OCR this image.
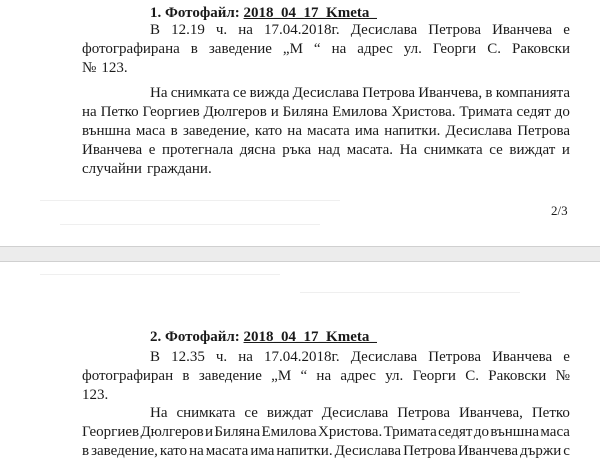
1. Фотофайл: 2018_04_17_Kmeta_
В 12.19 ч. на 17.04.2018г. Десислава Петрова Иванчева е
фотографирана в заведение „М “ на адрес ул. Георги С. Раковски
№ 123.
На снимката се вижда Десислава Петрова Иванчева, в компанията
на Петко Георгиев Дюлгеров и Биляна Емилова Христова. Тримата седят до
външна маса в заведение, като на масата има напитки. Десислава Петрова
Иванчева е протегнала дясна ръка над масата. На снимката се виждат и
случайни граждани.
2/3
2. Фотофайл: 2018_04_17_Kmeta_
В 12.35 ч. на 17.04.2018г. Десислава Петрова Иванчева е
фотографиран в заведение „М “ на адрес ул. Георги С. Раковски №
123.
На снимката се виждат Десислава Петрова Иванчева, Петко
Георгиев Дюлгеров и Биляна Емилова Христова. Тримата седят до външна маса
в заведение, като на масата има напитки. Десислава Петрова Иванчева държи с
